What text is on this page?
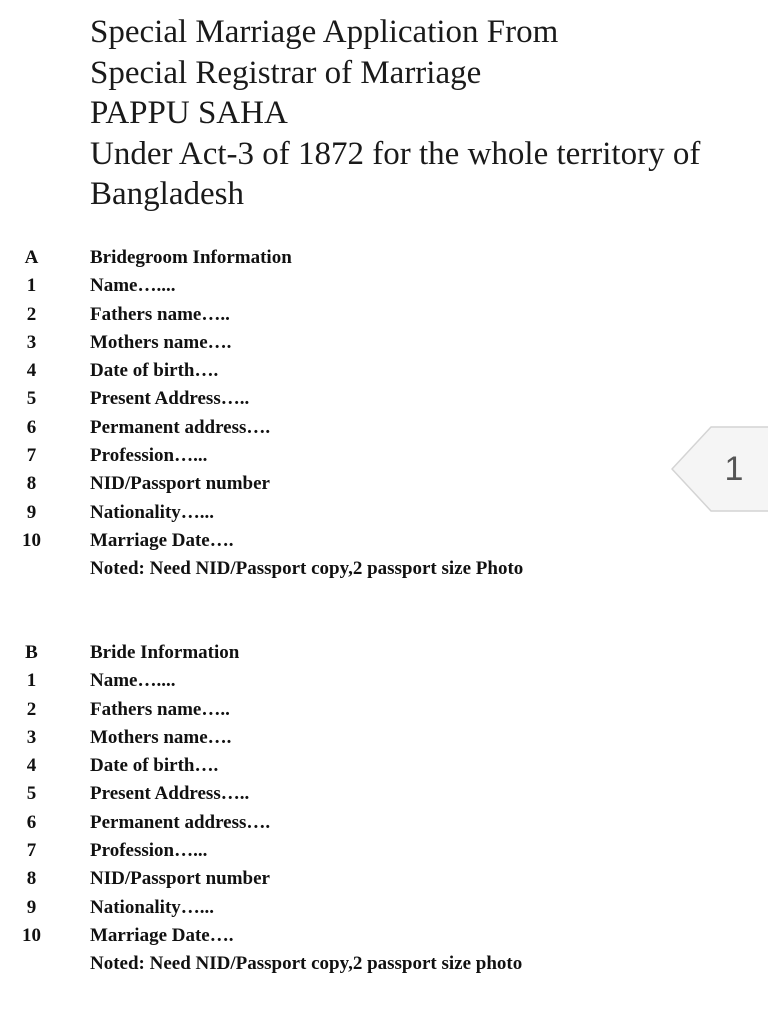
Special Marriage Application From
Special Registrar of Marriage
PAPPU SAHA
Under Act-3 of 1872 for the whole territory of
Bangladesh
A	Bridegroom Information
1	Name…....
2	Fathers name…..
3	Mothers name….
4	Date of birth….
5	Present Address…..
6	Permanent address….
7	Profession…...
8	NID/Passport number
9	Nationality…...
10	Marriage Date….
Noted: Need NID/Passport copy,2 passport size Photo
B	Bride Information
1	Name…....
2	Fathers name…..
3	Mothers name….
4	Date of birth….
5	Present Address…..
6	Permanent address….
7	Profession…...
8	NID/Passport number
9	Nationality…...
10	Marriage Date….
Noted: Need NID/Passport copy,2 passport size photo
1
